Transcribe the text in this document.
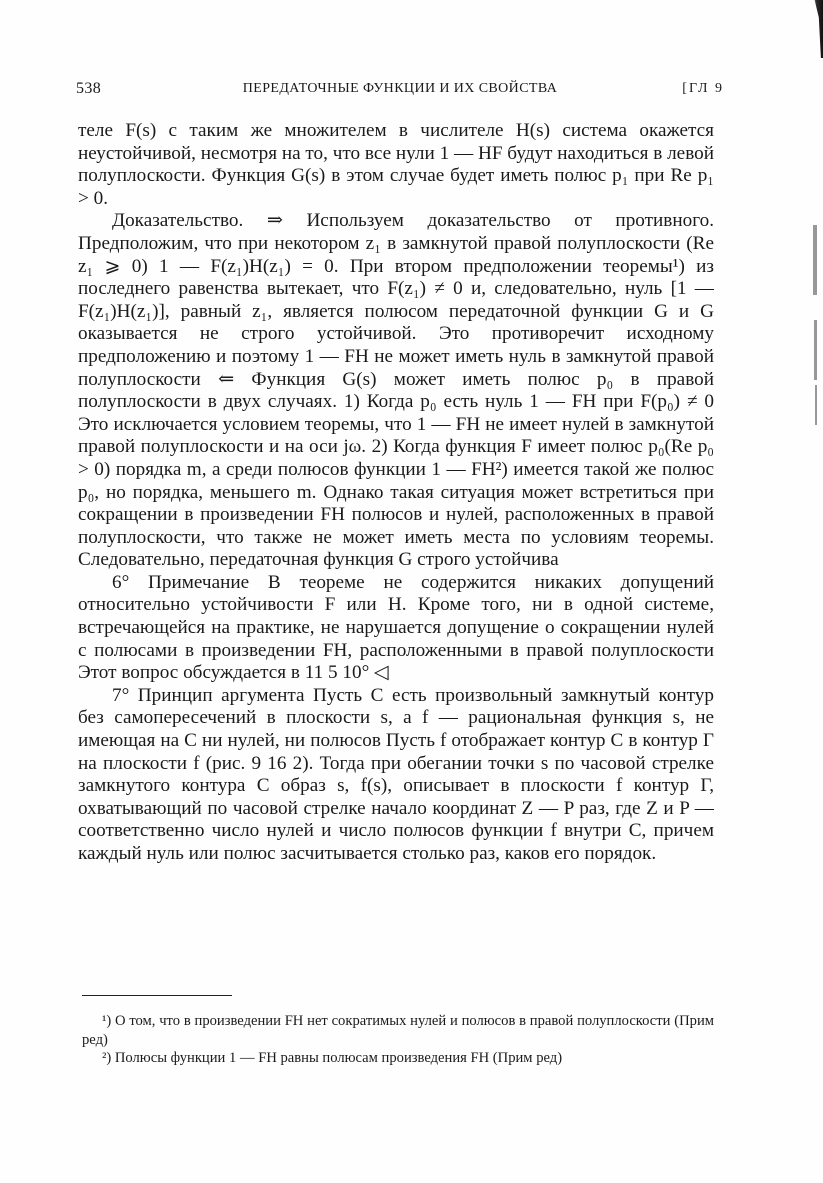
538	ПЕРЕДАТОЧНЫЕ ФУНКЦИИ И ИХ СВОЙСТВА	[ГЛ 9

теле F(s) с таким же множителем в числителе H(s) система окажется неустойчивой, несмотря на то, что все нули 1 — HF будут находиться в левой полуплоскости. Функция G(s) в этом случае будет иметь полюс p₁ при Re p₁ > 0.

Доказательство. ⇒ Используем доказательство от противного. Предположим, что при некотором z₁ в замкнутой правой полуплоскости (Re z₁ ⩾ 0) 1 — F(z₁)H(z₁) = 0. При втором предположении теоремы¹) из последнего равенства вытекает, что F(z₁) ≠ 0 и, следовательно, нуль [1 — F(z₁)H(z₁)], равный z₁, является полюсом передаточной функции G и G оказывается не строго устойчивой. Это противоречит исходному предположению и поэтому 1 — FH не может иметь нуль в замкнутой правой полуплоскости ⇐ Функция G(s) может иметь полюс p₀ в правой полуплоскости в двух случаях. 1) Когда p₀ есть нуль 1 — FH при F(p₀) ≠ 0 Это исключается условием теоремы, что 1 — FH не имеет нулей в замкнутой правой полуплоскости и на оси jω. 2) Когда функция F имеет полюс p₀(Re p₀ > 0) порядка m, а среди полюсов функции 1 — FH²) имеется такой же полюс p₀, но порядка, меньшего m. Однако такая ситуация может встретиться при сокращении в произведении FH полюсов и нулей, расположенных в правой полуплоскости, что также не может иметь места по условиям теоремы. Следовательно, передаточная функция G строго устойчива

6° Примечание В теореме не содержится никаких допущений относительно устойчивости F или H. Кроме того, ни в одной системе, встречающейся на практике, не нарушается допущение о сокращении нулей с полюсами в произведении FH, расположенными в правой полуплоскости Этот вопрос обсуждается в 11 5 10° ◁

7° Принцип аргумента Пусть C есть произвольный замкнутый контур без самопересечений в плоскости s, а f — рациональная функция s, не имеющая на C ни нулей, ни полюсов Пусть f отображает контур C в контур Γ на плоскости f (рис. 9 16 2). Тогда при обегании точки s по часовой стрелке замкнутого контура C образ s, f(s), описывает в плоскости f контур Γ, охватывающий по часовой стрелке начало координат Z — P раз, где Z и P — соответственно число нулей и число полюсов функции f внутри C, причем каждый нуль или полюс засчитывается столько раз, каков его порядок.

¹) О том, что в произведении FH нет сократимых нулей и полюсов в правой полуплоскости (Прим ред)

²) Полюсы функции 1 — FH равны полюсам произведения FH (Прим ред)
